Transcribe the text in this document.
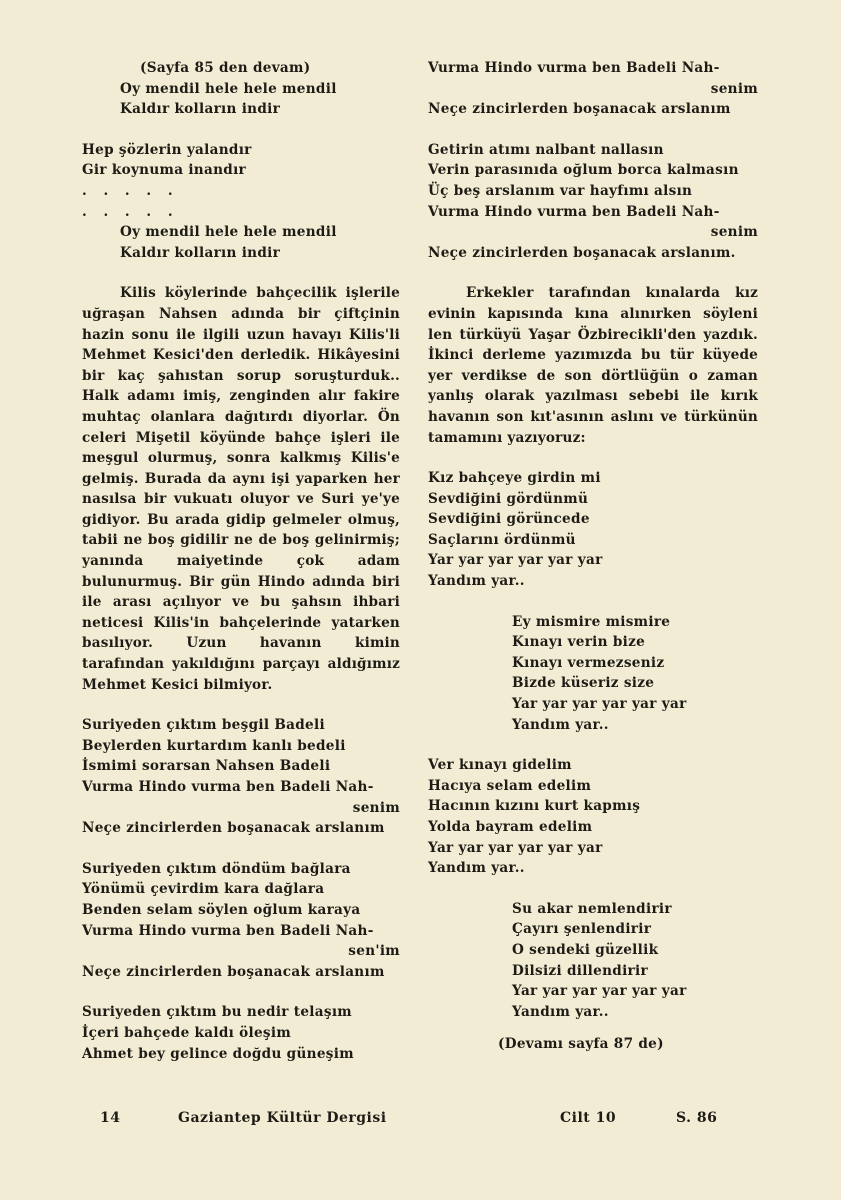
(Sayfa 85 den devam)
Oy mendil hele hele mendil
Kaldır kolların indir
Hep şözlerin yalandır
Gir koynuma inandır
. . . . .
. . . . .
Oy mendil hele hele mendil
Kaldır kolların indir

Kilis köylerinde bahçecilik işlerile uğraşan Nahsen adında bir çiftçinin hazin sonu ile ilgili uzun havayı Kilis'li Mehmet Kesici'den derledik. Hikâyesini bir kaç şahıstan sorup soruşturduk.. Halk adamı imiş, zenginden alır fakire muhtaç olanlara dağıtırdı diyorlar. Ön celeri Mişetil köyünde bahçe işleri ile meşgul olurmuş, sonra kalkmış Kilis'e gelmiş. Burada da aynı işi yaparken her nasılsa bir vukuatı oluyor ve Suri ye'ye gidiyor. Bu arada gidip gelmeler olmuş, tabii ne boş gidilir ne de boş gelinirmiş; yanında maiyetinde çok adam bulunurmuş. Bir gün Hindo adında biri ile arası açılıyor ve bu şahsın ihbari neticesi Kilis'in bahçelerinde yatarken basılıyor. Uzun havanın kimin tarafından yakıldığını parçayı aldığımız Mehmet Kesici bilmiyor.

Suriyeden çıktım beşgil Badeli
Beylerden kurtardım kanlı bedeli
İsmimi sorarsan Nahsen Badeli
Vurma Hindo vurma ben Badeli Nah-
senim
Neçe zincirlerden boşanacak arslanım
Suriyeden çıktım döndüm bağlara
Yönümü çevirdim kara dağlara
Benden selam söylen oğlum karaya
Vurma Hindo vurma ben Badeli Nah-
sen'im
Neçe zincirlerden boşanacak arslanım
Suriyeden çıktım bu nedir telaşım
İçeri bahçede kaldı öleşim
Ahmet bey gelince doğdu güneşim
Vurma Hindo vurma ben Badeli Nah-
senim
Neçe zincirlerden boşanacak arslanım
Getirin atımı nalbant nallasın
Verin parasınıda oğlum borca kalmasın
Üç beş arslanım var hayfımı alsın
Vurma Hindo vurma ben Badeli Nah-
senim
Neçe zincirlerden boşanacak arslanım.

Erkekler tarafından kınalarda kız evinin kapısında kına alınırken söyleni len türküyü Yaşar Özbirecikli'den yazdık. İkinci derleme yazımızda bu tür küyede yer verdikse de son dörtlüğün o zaman yanlış olarak yazılması sebebi ile kırık havanın son kıt'asının aslını ve türkünün tamamını yazıyoruz:

Kız bahçeye girdin mi
Sevdiğini gördünmü
Sevdiğini görüncede
Saçlarını ördünmü
Yar yar yar yar yar yar
Yandım yar..
Ey mismire mismire
Kınayı verin bize
Kınayı vermezseniz
Bizde küseriz size
Yar yar yar yar yar yar
Yandım yar..
Ver kınayı gidelim
Hacıya selam edelim
Hacının kızını kurt kapmış
Yolda bayram edelim
Yar yar yar yar yar yar
Yandım yar..
Su akar nemlendirir
Çayırı şenlendirir
O sendeki güzellik
Dilsizi dillendirir
Yar yar yar yar yar yar
Yandım yar..
(Devamı sayfa 87 de)
14	Gaziantep Kültür Dergisi	Cilt 10	S. 86
